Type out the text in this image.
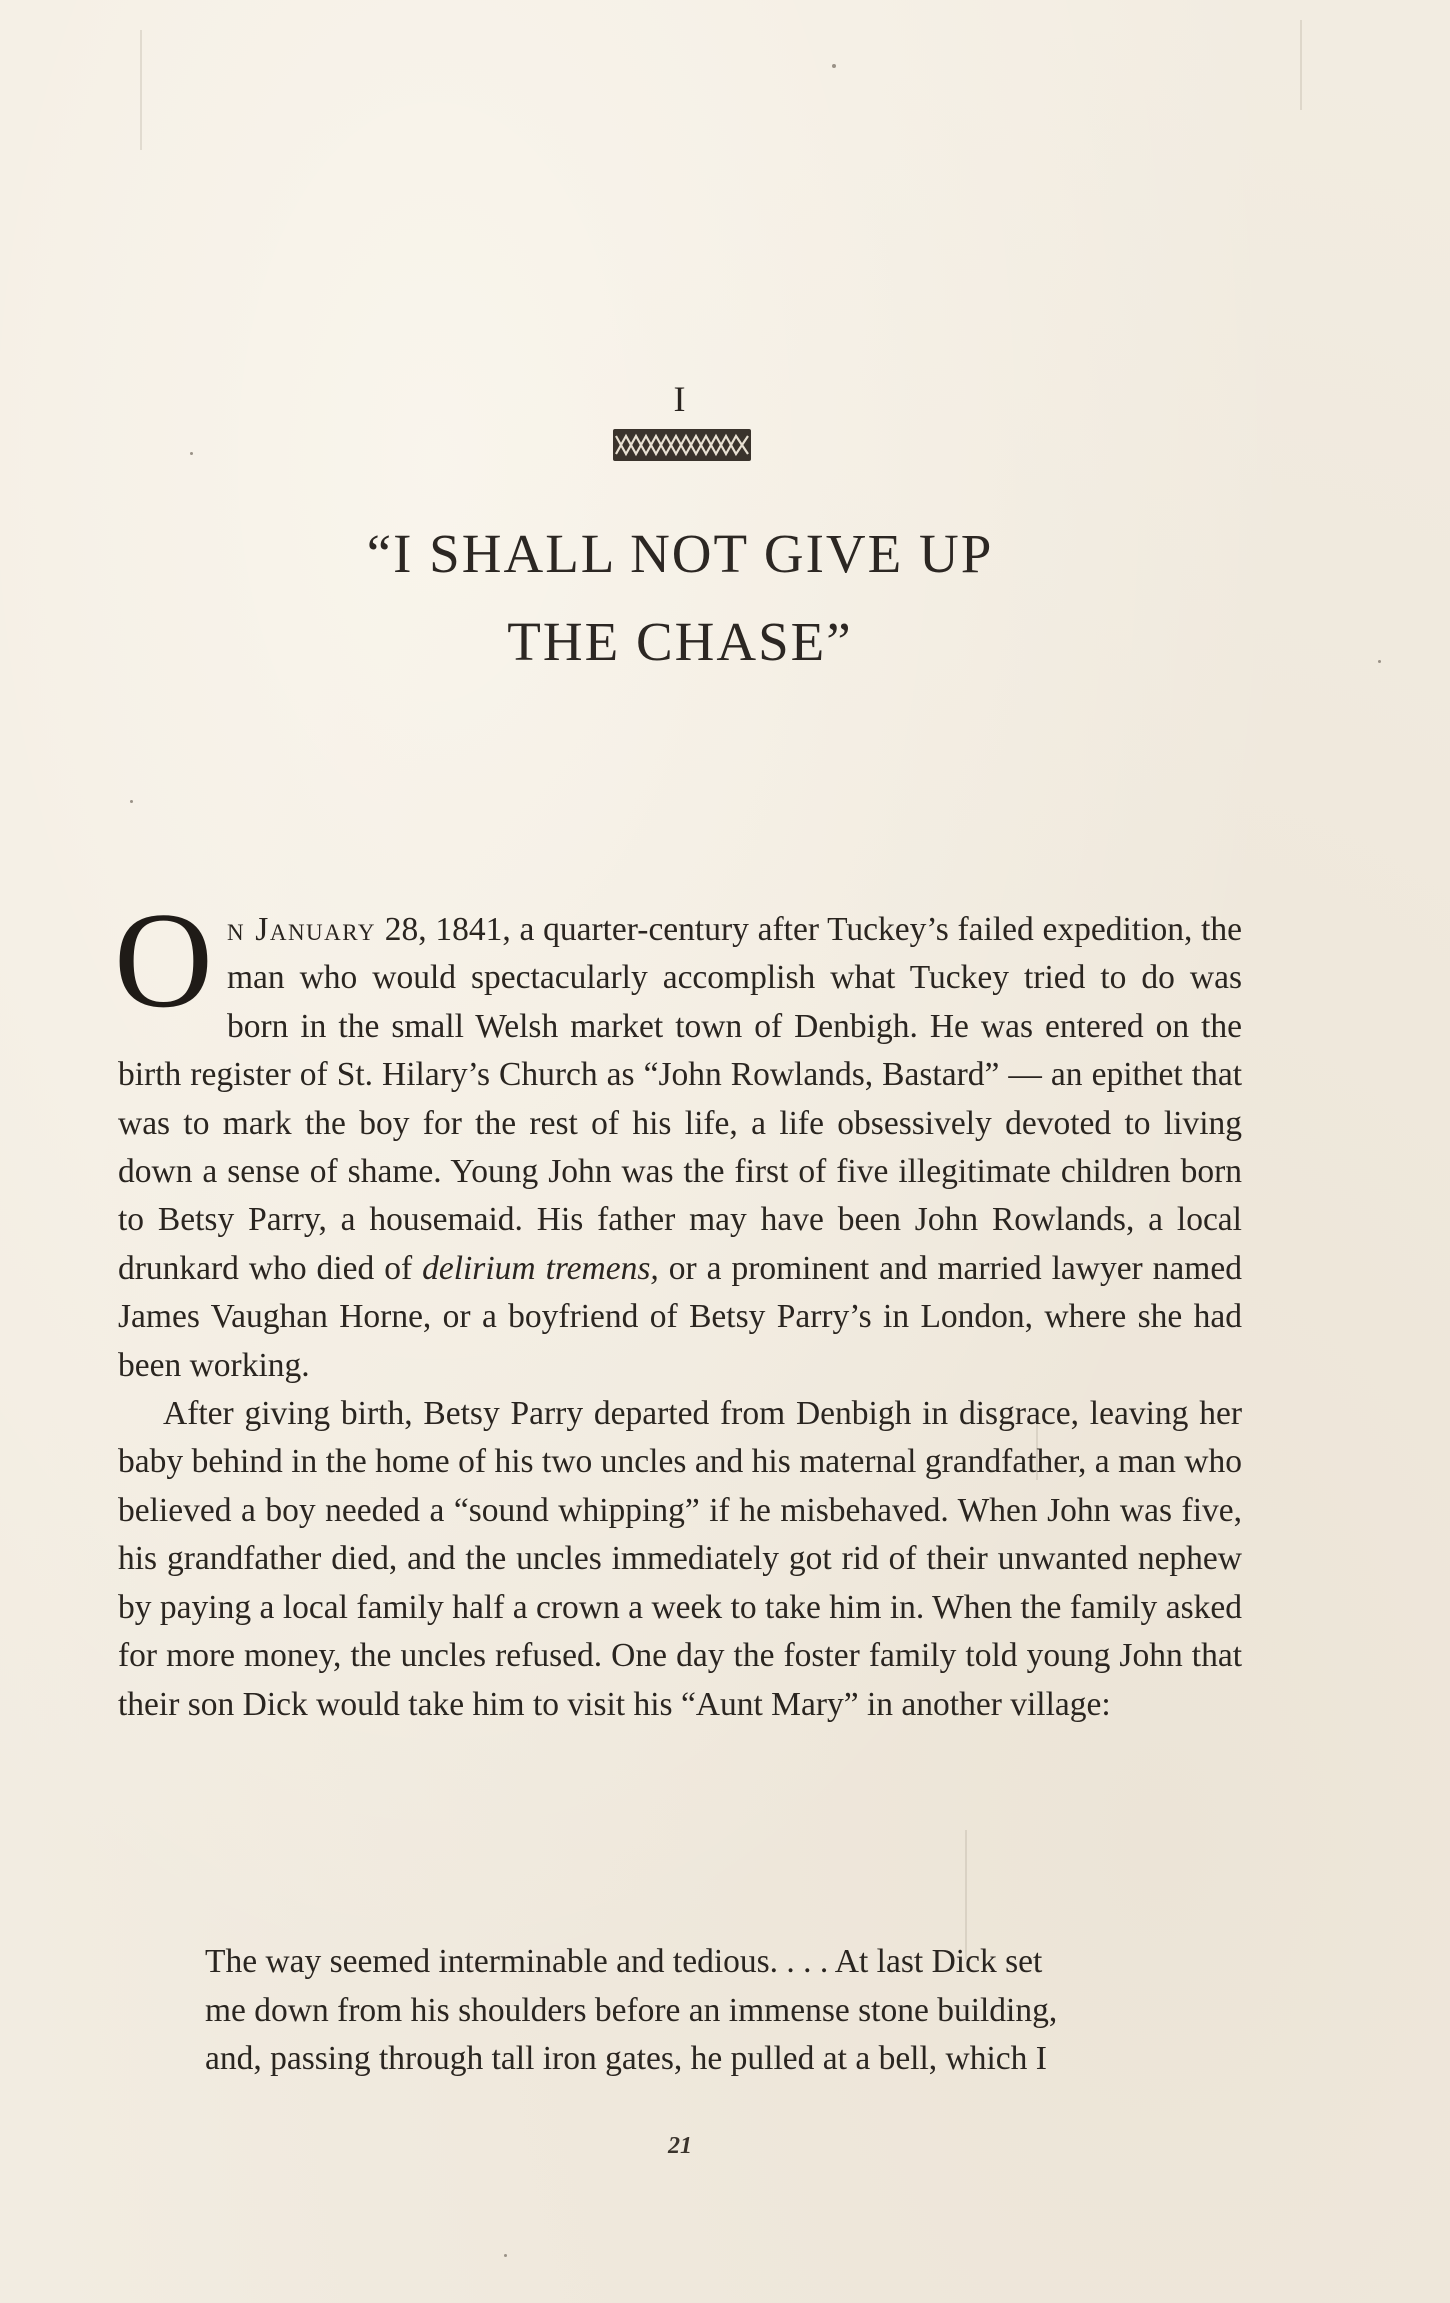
I
“I SHALL NOT GIVE UP
THE CHASE”

On January 28, 1841, a quarter-century after Tuckey’s failed expedition, the man who would spectacularly accomplish what Tuckey tried to do was born in the small Welsh market town of Denbigh. He was entered on the birth register of St. Hilary’s Church as “John Rowlands, Bastard” — an epithet that was to mark the boy for the rest of his life, a life obsessively devoted to living down a sense of shame. Young John was the first of five illegitimate children born to Betsy Parry, a housemaid. His father may have been John Rowlands, a local drunkard who died of delirium tremens, or a prominent and married lawyer named James Vaughan Horne, or a boyfriend of Betsy Parry’s in London, where she had been working.

After giving birth, Betsy Parry departed from Denbigh in disgrace, leaving her baby behind in the home of his two uncles and his maternal grandfather, a man who believed a boy needed a “sound whipping” if he misbehaved. When John was five, his grandfather died, and the uncles immediately got rid of their unwanted nephew by paying a local family half a crown a week to take him in. When the family asked for more money, the uncles refused. One day the foster family told young John that their son Dick would take him to visit his “Aunt Mary” in another village:

The way seemed interminable and tedious. . . . At last Dick set
me down from his shoulders before an immense stone building,
and, passing through tall iron gates, he pulled at a bell, which I
21
